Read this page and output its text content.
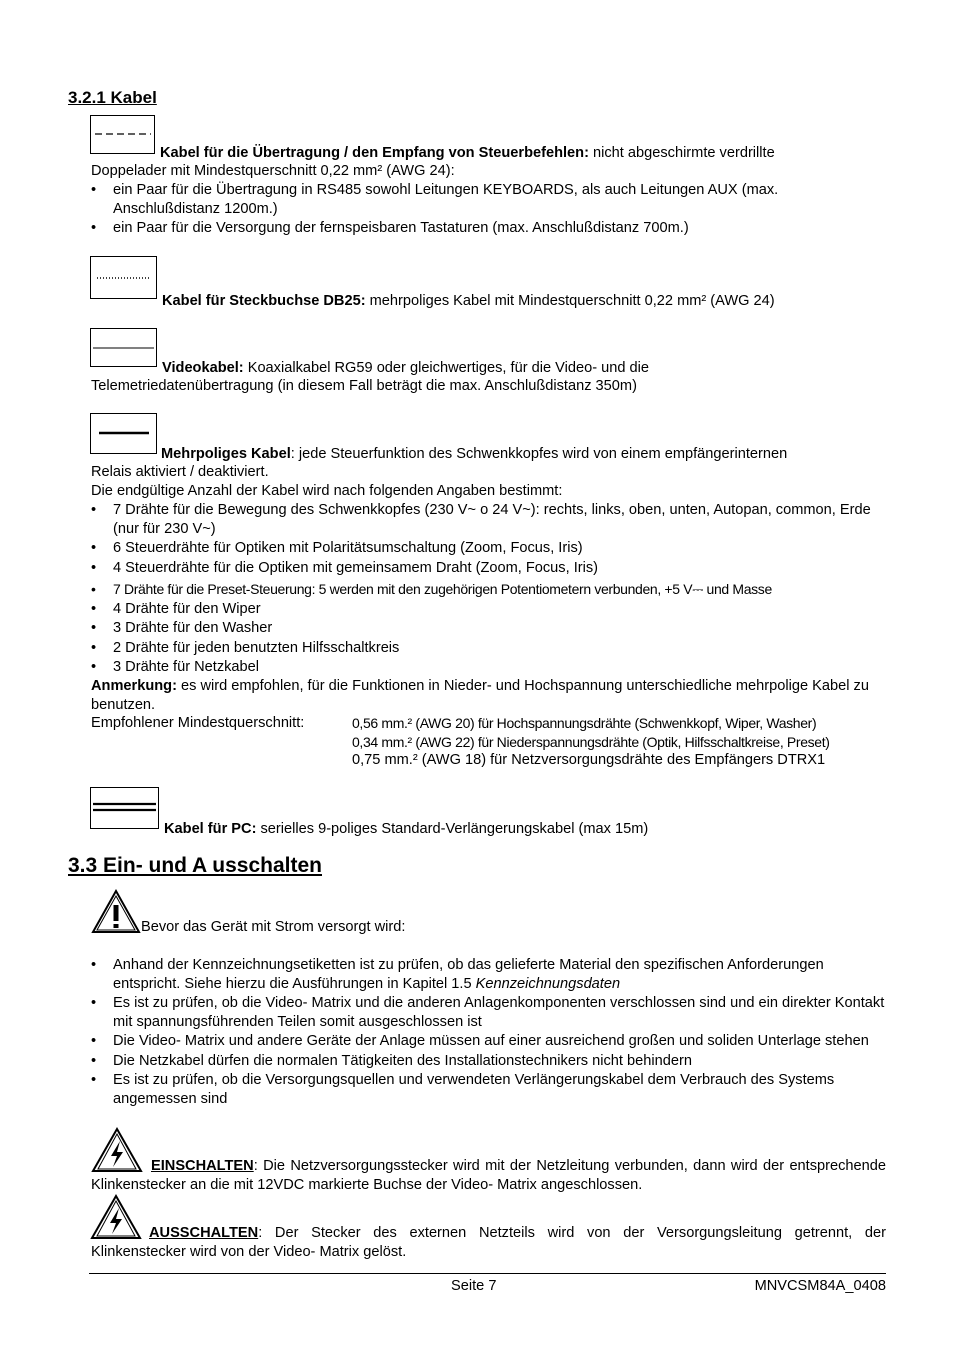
3.2.1 Kabel
Kabel für die Übertragung / den Empfang von Steuerbefehlen: nicht abgeschirmte verdrillte
Doppelader mit Mindestquerschnitt 0,22 mm² (AWG 24):
• ein Paar für die Übertragung in RS485 sowohl Leitungen KEYBOARDS, als auch Leitungen AUX (max. Anschlußdistanz 1200m.)
• ein Paar für die Versorgung der fernspeisbaren Tastaturen (max. Anschlußdistanz 700m.)
Kabel für Steckbuchse DB25: mehrpoliges Kabel mit Mindestquerschnitt 0,22 mm² (AWG 24)
Videokabel: Koaxialkabel RG59 oder gleichwertiges, für die Video- und die
Telemetriedatenübertragung (in diesem Fall beträgt die max. Anschlußdistanz 350m)
Mehrpoliges Kabel: jede Steuerfunktion des Schwenkkopfes wird von einem empfängerinternen
Relais aktiviert / deaktiviert.
Die endgültige Anzahl der Kabel wird nach folgenden Angaben bestimmt:
• 7 Drähte für die Bewegung des Schwenkkopfes (230 V~ o 24 V~): rechts, links, oben, unten, Autopan, common, Erde (nur für 230 V~)
• 6 Steuerdrähte für Optiken mit Polaritätsumschaltung (Zoom, Focus, Iris)
• 4 Steuerdrähte für die Optiken mit gemeinsamem Draht (Zoom, Focus, Iris)
• 7 Drähte für die Preset-Steuerung: 5 werden mit den zugehörigen Potentiometern verbunden, +5 V⎓ und Masse
• 4 Drähte für den Wiper
• 3 Drähte für den Washer
• 2 Drähte für jeden benutzten Hilfsschaltkreis
• 3 Drähte für Netzkabel
Anmerkung: es wird empfohlen, für die Funktionen in Nieder- und Hochspannung unterschiedliche mehrpolige Kabel zu benutzen.
Empfohlener Mindestquerschnitt:	0,56 mm.² (AWG 20) für Hochspannungsdrähte (Schwenkkopf, Wiper, Washer)
0,34 mm.² (AWG 22) für Niederspannungsdrähte (Optik, Hilfsschaltkreise, Preset)
0,75 mm.² (AWG 18) für Netzversorgungsdrähte des Empfängers DTRX1
Kabel für PC: serielles 9-poliges Standard-Verlängerungskabel (max 15m)
3.3 Ein- und A usschalten
Bevor das Gerät mit Strom versorgt wird:
• Anhand der Kennzeichnungsetiketten ist zu prüfen, ob das gelieferte Material den spezifischen Anforderungen entspricht. Siehe hierzu die Ausführungen in Kapitel 1.5 Kennzeichnungsdaten
• Es ist zu prüfen, ob die Video- Matrix und die anderen Anlagenkomponenten verschlossen sind und ein direkter Kontakt mit spannungsführenden Teilen somit ausgeschlossen ist
• Die Video- Matrix und andere Geräte der Anlage müssen auf einer ausreichend großen und soliden Unterlage stehen
• Die Netzkabel dürfen die normalen Tätigkeiten des Installationstechnikers nicht behindern
• Es ist zu prüfen, ob die Versorgungsquellen und verwendeten Verlängerungskabel dem Verbrauch des Systems angemessen sind
EINSCHALTEN: Die Netzversorgungsstecker wird mit der Netzleitung verbunden, dann wird der entsprechende Klinkenstecker an die mit 12VDC markierte Buchse der Video- Matrix angeschlossen.
AUSSCHALTEN: Der Stecker des externen Netzteils wird von der Versorgungsleitung getrennt, der Klinkenstecker wird von der Video- Matrix gelöst.
Seite 7	MNVCSM84A_0408
